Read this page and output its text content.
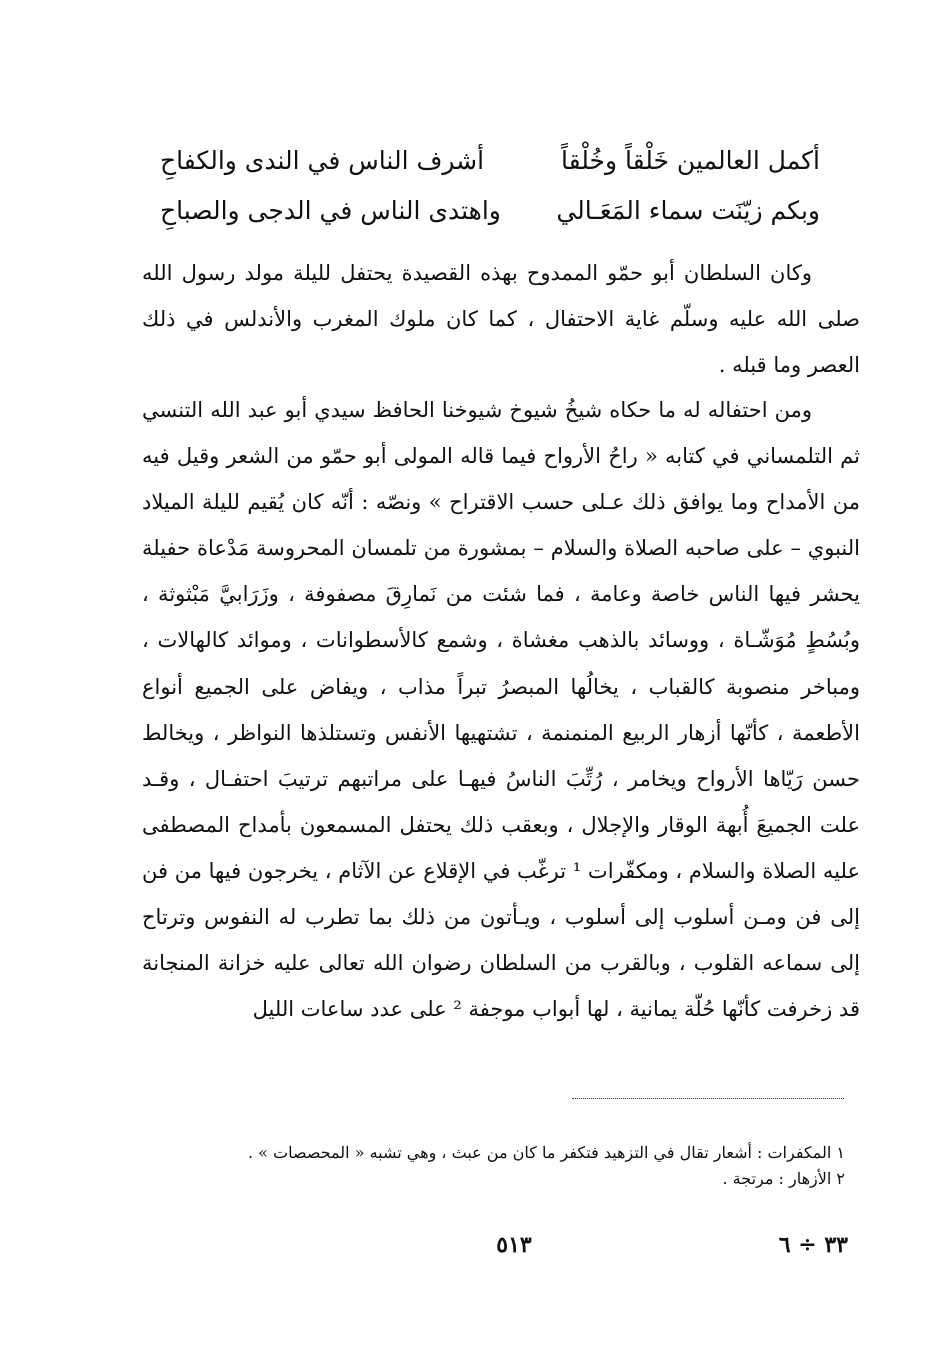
أكمل العالمين خَلْقاً وخُلْقاً
أشرف الناس في الندى والكفاحِ
وبكم زيّنَت سماء المَعَـالي
واهتدى الناس في الدجى والصباحِ

وكان السلطان أبو حمّو الممدوح بهذه القصيدة يحتفل لليلة مولد رسول الله صلى الله عليه وسلّم غاية الاحتفال ، كما كان ملوك المغرب والأندلس في ذلك العصر وما قبله .

ومن احتفاله له ما حكاه شيخُ شيوخ شيوخنا الحافظ سيدي أبو عبد الله التنسي ثم التلمساني في كتابه « راحُ الأرواح فيما قاله المولى أبو حمّو من الشعر وقيل فيه من الأمداح وما يوافق ذلك عـلى حسب الاقتراح » ونصّه : أنّه كان يُقيم لليلة الميلاد النبوي – على صاحبه الصلاة والسلام – بمشورة من تلمسان المحروسة مَدْعاة حفيلة يحشر فيها الناس خاصة وعامة ، فما شئت من نَمارِقَ مصفوفة ، وزَرَابيَّ مَبْثوثة ، وبُسُطٍ مُوَشّـاة ، ووسائد بالذهب مغشاة ، وشمع كالأسطوانات ، وموائد كالهالات ، ومباخر منصوبة كالقباب ، يخالُها المبصرُ تبراً مذاب ، ويفاض على الجميع أنواع الأطعمة ، كأنّها أزهار الربيع المنمنمة ، تشتهيها الأنفس وتستلذها النواظر ، ويخالط حسن رَيّاها الأرواح ويخامر ، رُتِّبَ الناسُ فيهـا على مراتبهم ترتيبَ احتفـال ، وقـد علت الجميعَ أُبهة الوقار والإجلال ، وبعقب ذلك يحتفل المسمعون بأمداح المصطفى عليه الصلاة والسلام ، ومكفّرات ¹ ترغّب في الإقلاع عن الآثام ، يخرجون فيها من فن إلى فن ومـن أسلوب إلى أسلوب ، ويـأتون من ذلك بما تطرب له النفوس وترتاح إلى سماعه القلوب ، وبالقرب من السلطان رضوان الله تعالى عليه خزانة المنجانة قد زخرفت كأنّها حُلّة يمانية ، لها أبواب موجفة ² على عدد ساعات الليل

١ المكفرات : أشعار تقال في التزهيد فتكفر ما كان من عبث ، وهي تشبه « المحصصات » .
٢ الأزهار : مرتجة .
٥١٣	٣٣ ÷ ٦
